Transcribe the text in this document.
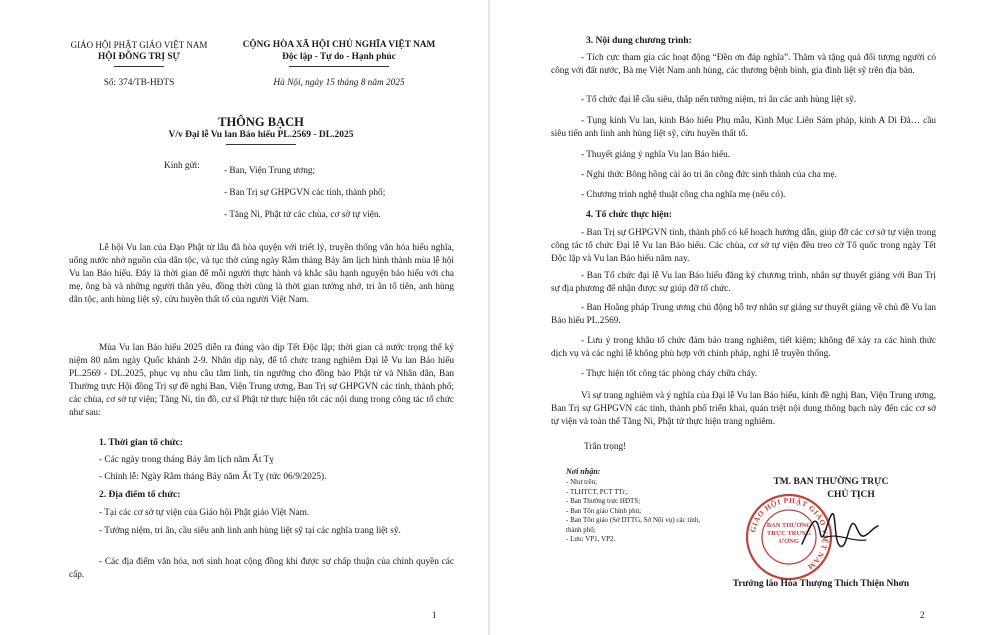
GIÁO HỘI PHẬT GIÁO VIỆT NAM
HỘI ĐỒNG TRỊ SỰ
CỘNG HÒA XÃ HỘI CHỦ NGHĨA VIỆT NAM
Độc lập - Tự do - Hạnh phúc
Số: 374/TB-HĐTS	Hà Nội, ngày 15 tháng 8 năm 2025
THÔNG BẠCH
V/v Đại lễ Vu lan Báo hiếu PL.2569 - DL.2025
Kính gửi:	- Ban, Viện Trung ương;
- Ban Trị sự GHPGVN các tỉnh, thành phố;
- Tăng Ni, Phật tử các chùa, cơ sở tự viện.
Lễ hội Vu lan của Đạo Phật từ lâu đã hòa quyện với triết lý, truyền thống văn hóa hiếu nghĩa, uống nước nhớ nguồn của dân tộc, và tục thờ cúng ngày Rằm tháng Bảy âm lịch hình thành mùa lễ hội Vu lan Báo hiếu. Đây là thời gian để mỗi người thực hành và khắc sâu hạnh nguyện báo hiếu với cha mẹ, ông bà và những người thân yêu, đồng thời cũng là thời gian tưởng nhớ, tri ân tổ tiên, anh hùng dân tộc, anh hùng liệt sỹ, cửu huyền thất tổ của người Việt Nam.
Mùa Vu lan Báo hiếu 2025 diễn ra đúng vào dịp Tết Độc lập; thời gian cả nước trọng thể kỷ niệm 80 năm ngày Quốc khánh 2-9. Nhân dịp này, để tổ chức trang nghiêm Đại lễ Vu lan Báo hiếu PL.2569 - DL.2025, phục vụ nhu cầu tâm linh, tín ngưỡng cho đồng bào Phật tử và Nhân dân, Ban Thường trực Hội đồng Trị sự đề nghị Ban, Viện Trung ương, Ban Trị sự GHPGVN các tỉnh, thành phố; các chùa, cơ sở tự viện; Tăng Ni, tín đồ, cư sĩ Phật tử thực hiện tốt các nội dung trong công tác tổ chức như sau:
1. Thời gian tổ chức:
- Các ngày trong tháng Bảy âm lịch năm Ất Tỵ
- Chính lễ: Ngày Rằm tháng Bảy năm Ất Tỵ (tức 06/9/2025).
2. Địa điểm tổ chức:
- Tại các cơ sở tự viện của Giáo hội Phật giáo Việt Nam.
- Tưởng niệm, tri ân, cầu siêu anh linh anh hùng liệt sỹ tại các nghĩa trang liệt sỹ.
- Các địa điểm văn hóa, nơi sinh hoạt cộng đồng khi được sự chấp thuận của chính quyền các cấp.
1
3. Nội dung chương trình:
- Tích cực tham gia các hoạt động “Đền ơn đáp nghĩa”. Thăm và tặng quà đối tượng người có công với đất nước, Bà mẹ Việt Nam anh hùng, các thương bệnh binh, gia đình liệt sỹ trên địa bàn.
- Tổ chức đại lễ cầu siêu, thắp nến tưởng niệm, tri ân các anh hùng liệt sỹ.
- Tụng kinh Vu lan, kinh Báo hiếu Phụ mẫu, Kinh Mục Liên Sám pháp, kinh A Di Đà… cầu siêu tiến anh linh anh hùng liệt sỹ, cửu huyền thất tổ.
- Thuyết giảng ý nghĩa Vu lan Báo hiếu.
- Nghi thức Bông hồng cài áo tri ân công đức sinh thành của cha mẹ.
- Chương trình nghệ thuật công cha nghĩa mẹ (nếu có).
4. Tổ chức thực hiện:
- Ban Trị sự GHPGVN tỉnh, thành phố có kế hoạch hướng dẫn, giúp đỡ các cơ sở tự viện trong công tác tổ chức Đại lễ Vu lan Báo hiếu. Các chùa, cơ sở tự viện đều treo cờ Tổ quốc trong ngày Tết Độc lập và Vu lan Báo hiếu năm nay.
- Ban Tổ chức đại lễ Vu lan Báo hiếu đăng ký chương trình, nhân sự thuyết giảng với Ban Trị sự địa phương để nhận được sự giúp đỡ tổ chức.
- Ban Hoằng pháp Trung ương chủ động hỗ trợ nhân sự giảng sư thuyết giảng về chủ đề Vu lan Báo hiếu PL.2569.
- Lưu ý trong khâu tổ chức đảm bảo trang nghiêm, tiết kiệm; không để xảy ra các hình thức dịch vụ và các nghi lễ không phù hợp với chính pháp, nghi lễ truyền thống.
- Thực hiện tốt công tác phòng cháy chữa cháy.
Vì sự trang nghiêm và ý nghĩa của Đại lễ Vu lan Báo hiếu, kính đề nghị Ban, Viện Trung ương, Ban Trị sự GHPGVN các tỉnh, thành phố triển khai, quán triệt nội dung thông bạch này đến các cơ sở tự viện và toàn thể Tăng Ni, Phật tử thực hiện trang nghiêm.
Trân trọng!
Nơi nhận:
- Như trên;
- TLHTCT, PCT TTr.;
- Ban Thường trực HĐTS;
- Ban Tôn giáo Chính phủ;
- Ban Tôn giáo (Sở DTTG, Sở Nội vụ) các tỉnh, thành phố;
- Lưu: VP1, VP2.
TM. BAN THƯỜNG TRỰC
CHỦ TỊCH
GIÁO HỘI PHẬT GIÁO VIỆT NAM
BAN THƯỜNG TRỰC TRUNG ƯƠNG
Trưởng lão Hòa Thượng Thích Thiện Nhơn
2
